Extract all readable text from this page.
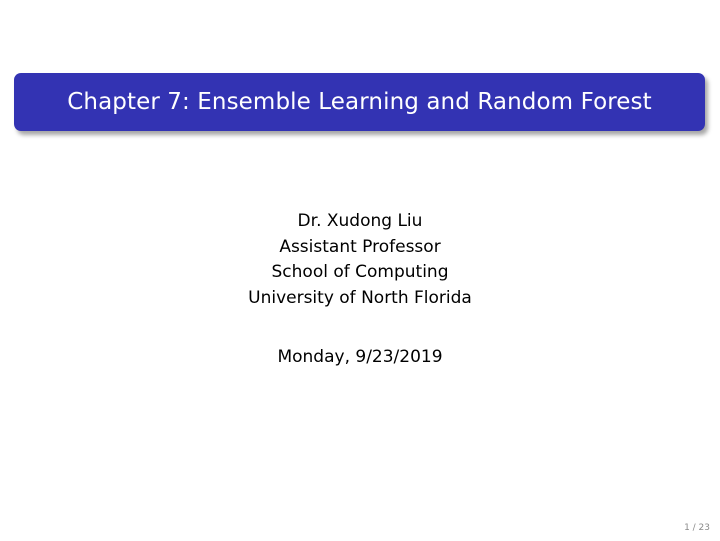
Chapter 7: Ensemble Learning and Random Forest
Dr. Xudong Liu
Assistant Professor
School of Computing
University of North Florida
Monday, 9/23/2019
1 / 23
